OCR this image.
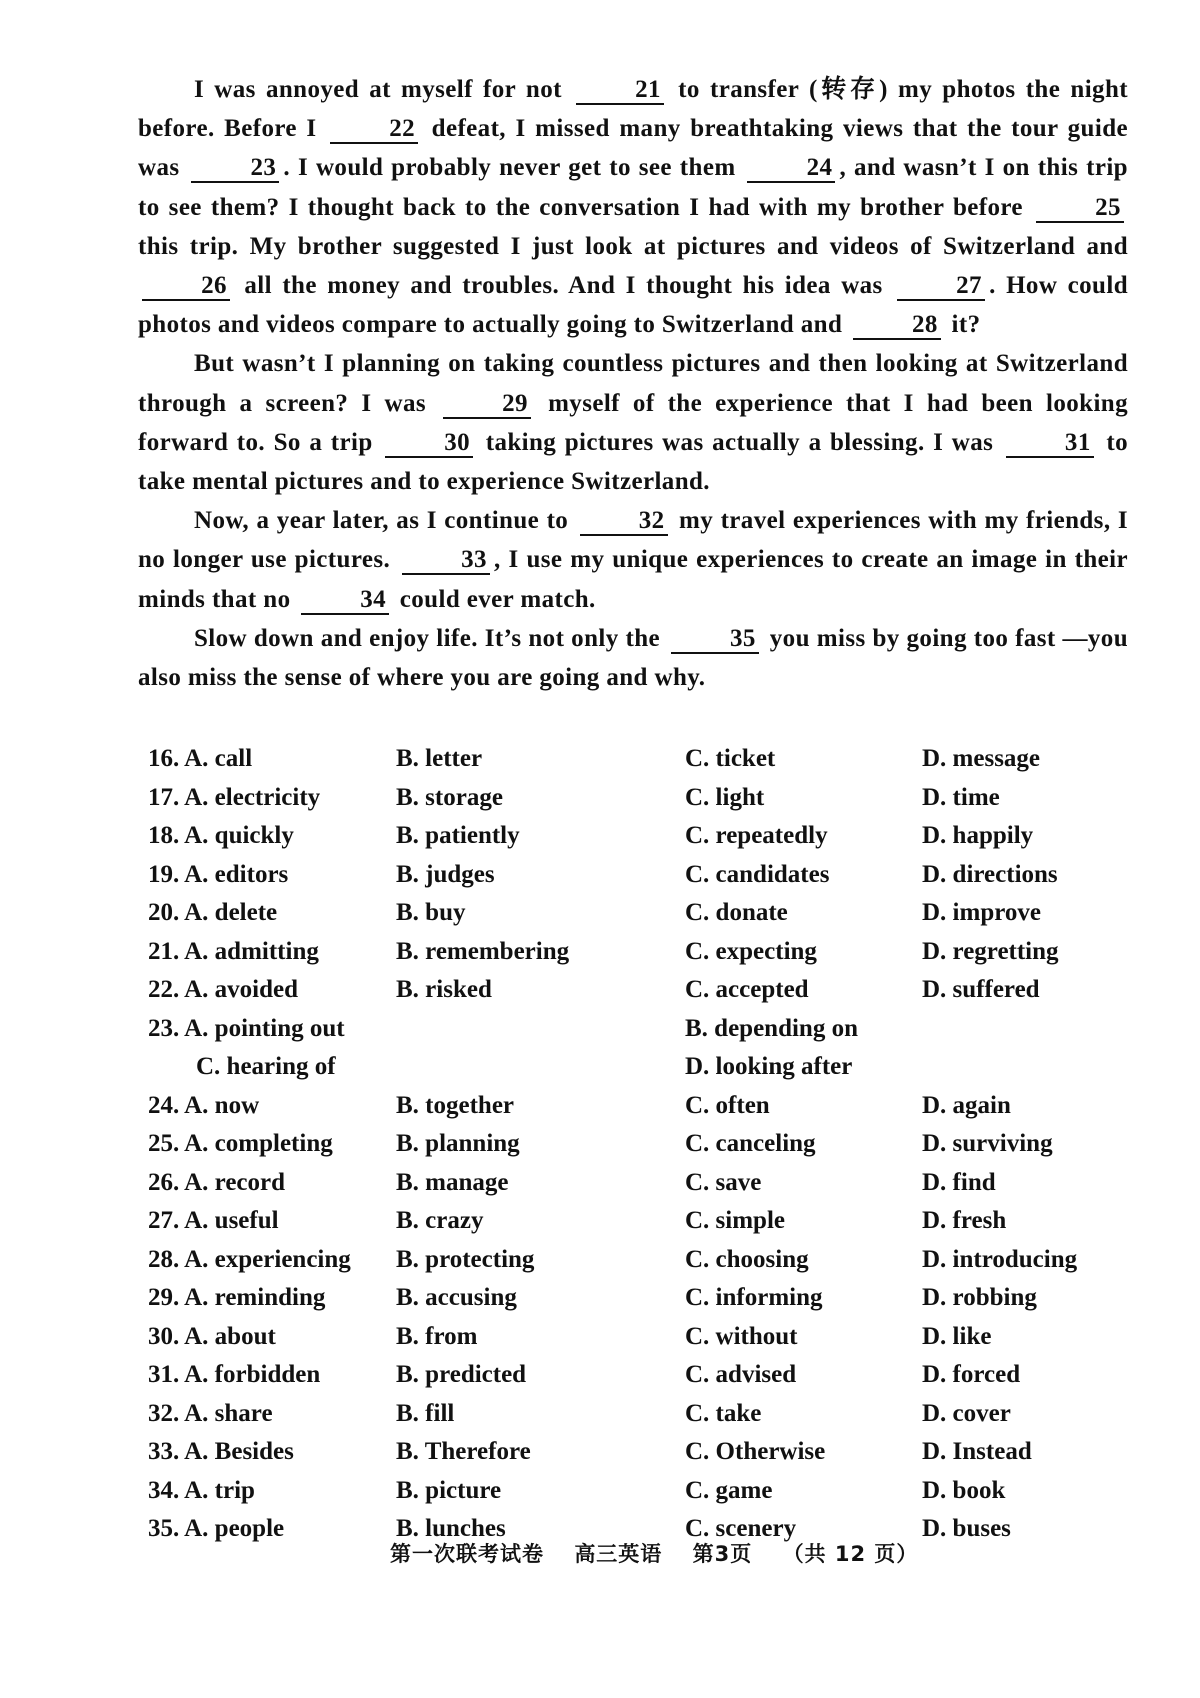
I was annoyed at myself for not	21 to transfer (转存) my photos the night before. Before I	22 defeat, I missed many breathtaking views that the tour guide was	23 . I would probably never get to see them	24 , and wasn’t I on this trip to see them? I thought back to the conversation I had with my brother before	25 this trip. My brother suggested I just look at pictures and videos of Switzerland and 26 all the money and troubles. And I thought his idea was	27 . How could photos and videos compare to actually going to Switzerland and	28 it?

But wasn’t I planning on taking countless pictures and then looking at Switzerland through a screen? I was	29 myself of the experience that I had been looking forward to. So a trip	30 taking pictures was actually a blessing. I was	31 to take mental pictures and to experience Switzerland.

Now, a year later, as I continue to	32 my travel experiences with my friends, I no longer use pictures.	33 , I use my unique experiences to create an image in their minds that no	34 could ever match.

Slow down and enjoy life. It’s not only the	35 you miss by going too fast —you also miss the sense of where you are going and why.

16. A. call	B. letter	C. ticket	D. message
17. A. electricity	B. storage	C. light	D. time
18. A. quickly	B. patiently	C. repeatedly	D. happily
19. A. editors	B. judges	C. candidates	D. directions
20. A. delete	B. buy	C. donate	D. improve
21. A. admitting	B. remembering	C. expecting	D. regretting
22. A. avoided	B. risked	C. accepted	D. suffered
23. A. pointing out	B. depending on
C. hearing of	D. looking after
24. A. now	B. together	C. often	D. again
25. A. completing	B. planning	C. canceling	D. surviving
26. A. record	B. manage	C. save	D. find
27. A. useful	B. crazy	C. simple	D. fresh
28. A. experiencing B. protecting	C. choosing	D. introducing
29. A. reminding	B. accusing	C. informing	D. robbing
30. A. about	B. from	C. without	D. like
31. A. forbidden	B. predicted	C. advised	D. forced
32. A. share	B. fill	C. take	D. cover
33. A. Besides	B. Therefore	C. Otherwise	D. Instead
34. A. trip	B. picture	C. game	D. book
35. A. people	B. lunches	C. scenery	D. buses
第一次联考试卷 高三英语 第3页 （共 12 页）
